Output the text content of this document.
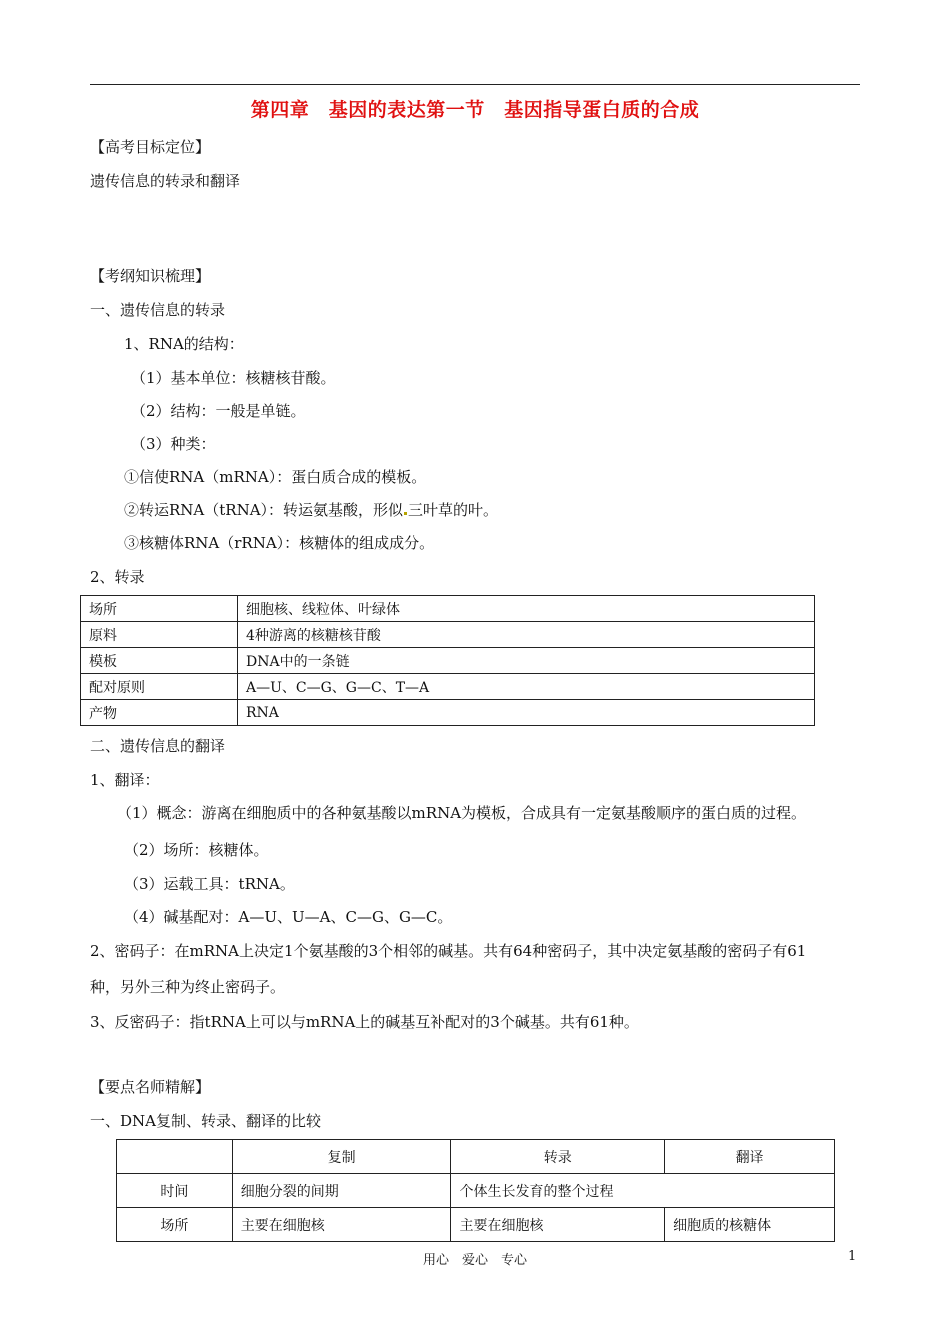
第四章　基因的表达第一节　基因指导蛋白质的合成
【高考目标定位】
遗传信息的转录和翻译
【考纲知识梳理】
一、遗传信息的转录
1、RNA的结构：
（1）基本单位：核糖核苷酸。
（2）结构：一般是单链。
（3）种类：
①信使RNA（mRNA）：蛋白质合成的模板。
②转运RNA（tRNA）：转运氨基酸，形似 三叶草的叶。
③核糖体RNA（rRNA）：核糖体的组成成分。
2、转录
场所	细胞核、线粒体、叶绿体
原料	4种游离的核糖核苷酸
模板	DNA中的一条链
配对原则	A—U、C—G、G—C、T—A
产物	RNA
二、遗传信息的翻译
1、翻译：
（1）概念：游离在细胞质中的各种氨基酸以mRNA为模板，合成具有一定氨基酸顺序的蛋白质的过程。
（2）场所：核糖体。
（3）运载工具：tRNA。
（4）碱基配对：A—U、U—A、C—G、G—C。
2、密码子：在mRNA上决定1个氨基酸的3个相邻的碱基。共有64种密码子，其中决定氨基酸的密码子有61
种，另外三种为终止密码子。
3、反密码子：指tRNA上可以与mRNA上的碱基互补配对的3个碱基。共有61种。
【要点名师精解】
一、DNA复制、转录、翻译的比较
	复制	转录	翻译
时间	细胞分裂的间期	个体生长发育的整个过程	
场所	主要在细胞核	主要在细胞核	细胞质的核糖体
用心　爱心　专心	1
